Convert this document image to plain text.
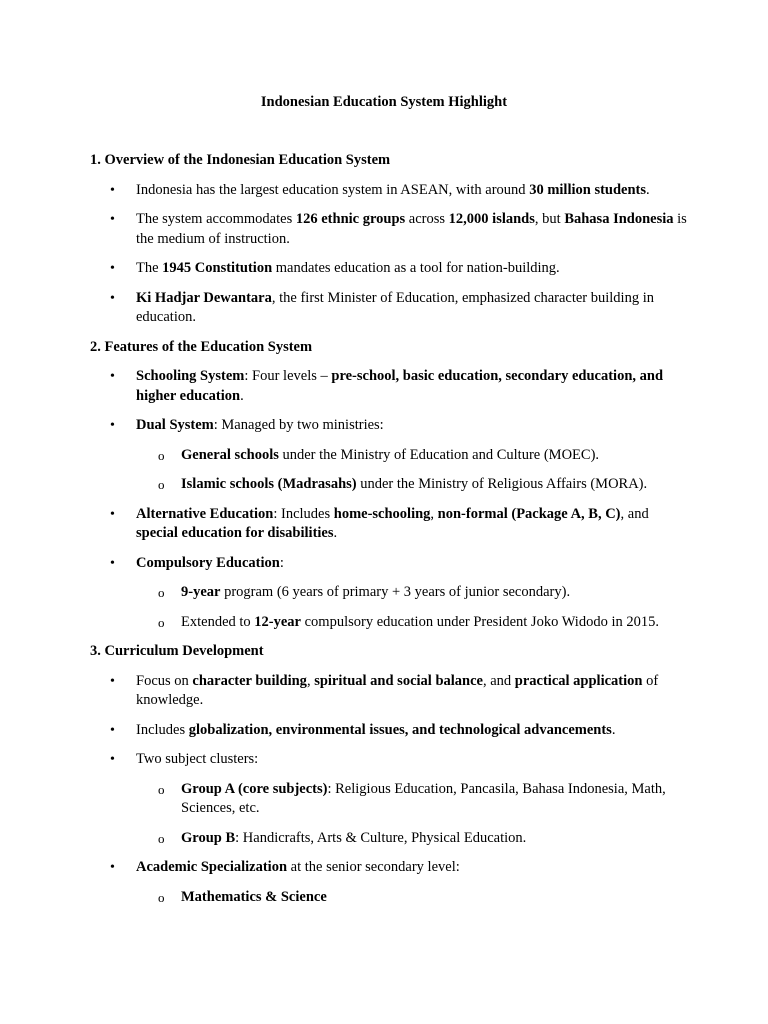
Indonesian Education System Highlight
1. Overview of the Indonesian Education System
• Indonesia has the largest education system in ASEAN, with around 30 million students.
• The system accommodates 126 ethnic groups across 12,000 islands, but Bahasa Indonesia is the medium of instruction.
• The 1945 Constitution mandates education as a tool for nation-building.
• Ki Hadjar Dewantara, the first Minister of Education, emphasized character building in education.
2. Features of the Education System
• Schooling System: Four levels – pre-school, basic education, secondary education, and higher education.
• Dual System: Managed by two ministries:
o General schools under the Ministry of Education and Culture (MOEC).
o Islamic schools (Madrasahs) under the Ministry of Religious Affairs (MORA).
• Alternative Education: Includes home-schooling, non-formal (Package A, B, C), and special education for disabilities.
• Compulsory Education:
o 9-year program (6 years of primary + 3 years of junior secondary).
o Extended to 12-year compulsory education under President Joko Widodo in 2015.
3. Curriculum Development
• Focus on character building, spiritual and social balance, and practical application of knowledge.
• Includes globalization, environmental issues, and technological advancements.
• Two subject clusters:
o Group A (core subjects): Religious Education, Pancasila, Bahasa Indonesia, Math, Sciences, etc.
o Group B: Handicrafts, Arts & Culture, Physical Education.
• Academic Specialization at the senior secondary level:
o Mathematics & Science
